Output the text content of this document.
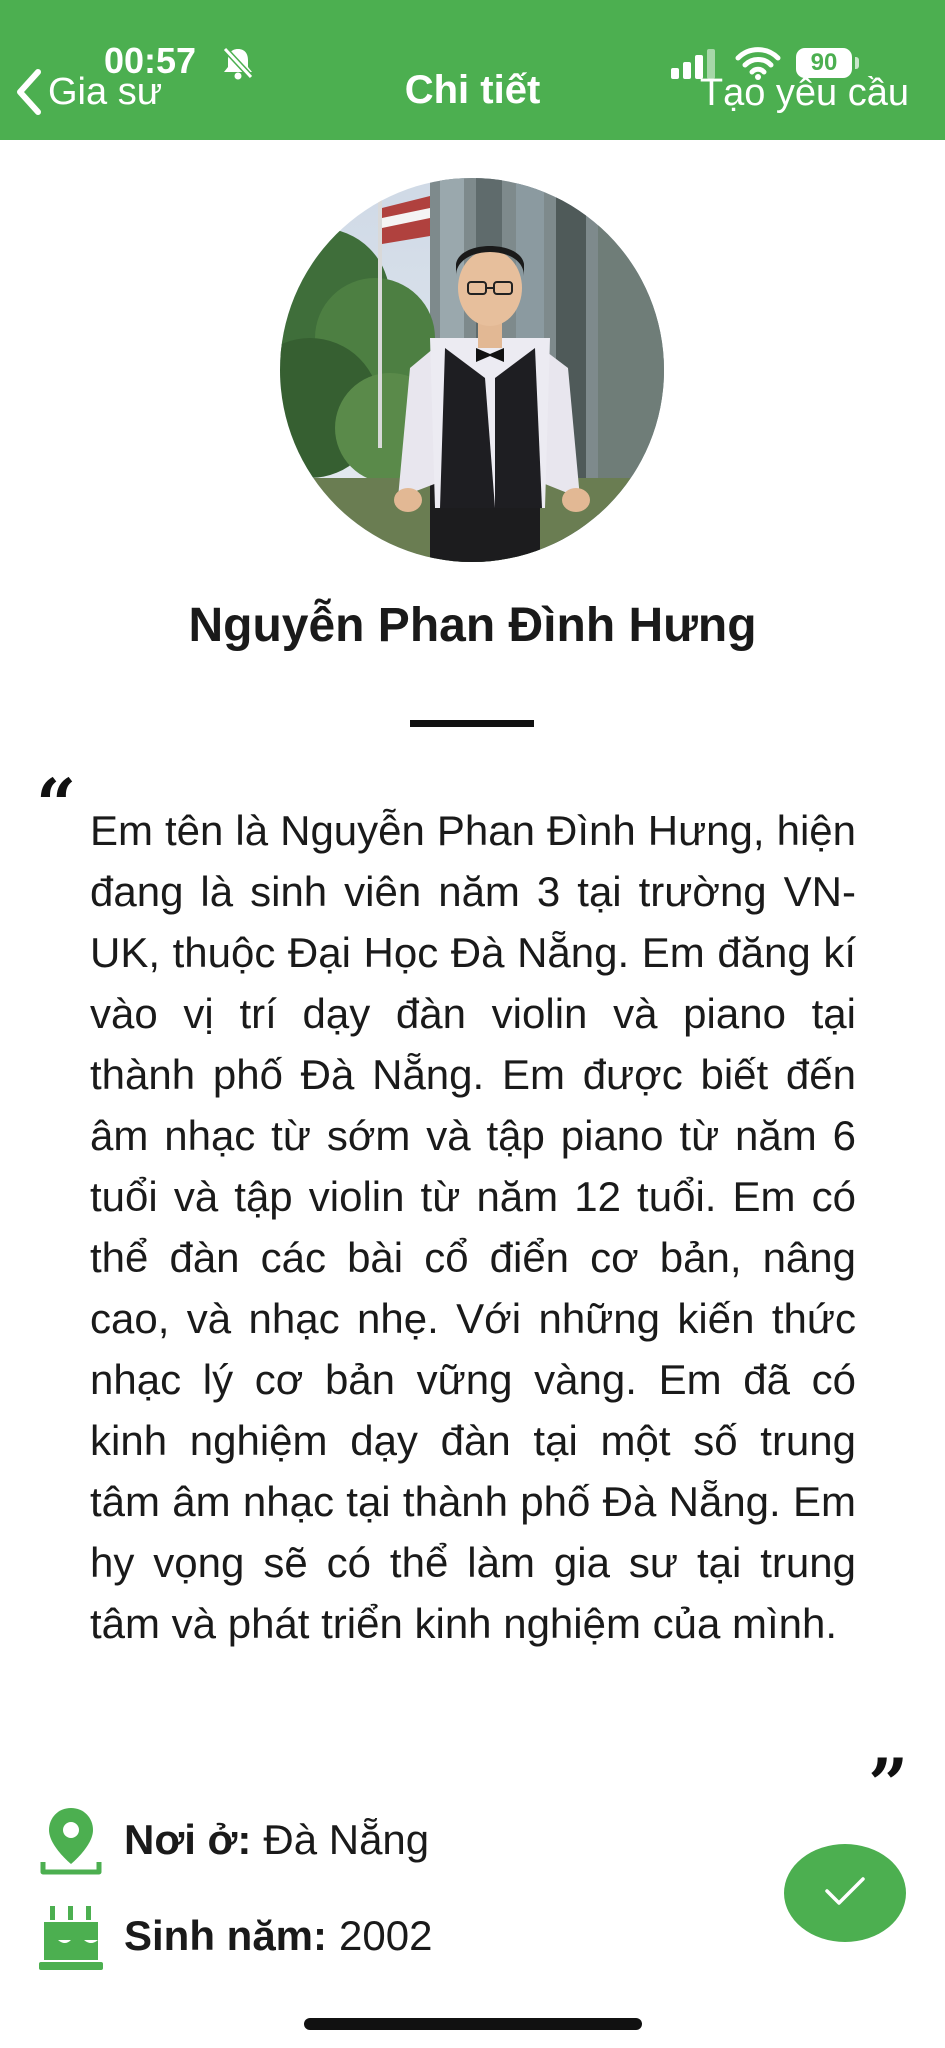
Gia sư
00:57
Chi tiết
90
Tạo yêu cầu
Nguyễn Phan Đình Hưng
“ Em tên là Nguyễn Phan Đình Hưng, hiện đang là sinh viên năm 3 tại trường VN-UK, thuộc Đại Học Đà Nẵng. Em đăng kí vào vị trí dạy đàn violin và piano tại thành phố Đà Nẵng. Em được biết đến âm nhạc từ sớm và tập piano từ năm 6 tuổi và tập violin từ năm 12 tuổi. Em có thể đàn các bài cổ điển cơ bản, nâng cao, và nhạc nhẹ. Với những kiến thức nhạc lý cơ bản vững vàng. Em đã có kinh nghiệm dạy đàn tại một số trung tâm âm nhạc tại thành phố Đà Nẵng. Em hy vọng sẽ có thể làm gia sư tại trung tâm và phát triển kinh nghiệm của mình.

”
Nơi ở: Đà Nẵng
Sinh năm: 2002
